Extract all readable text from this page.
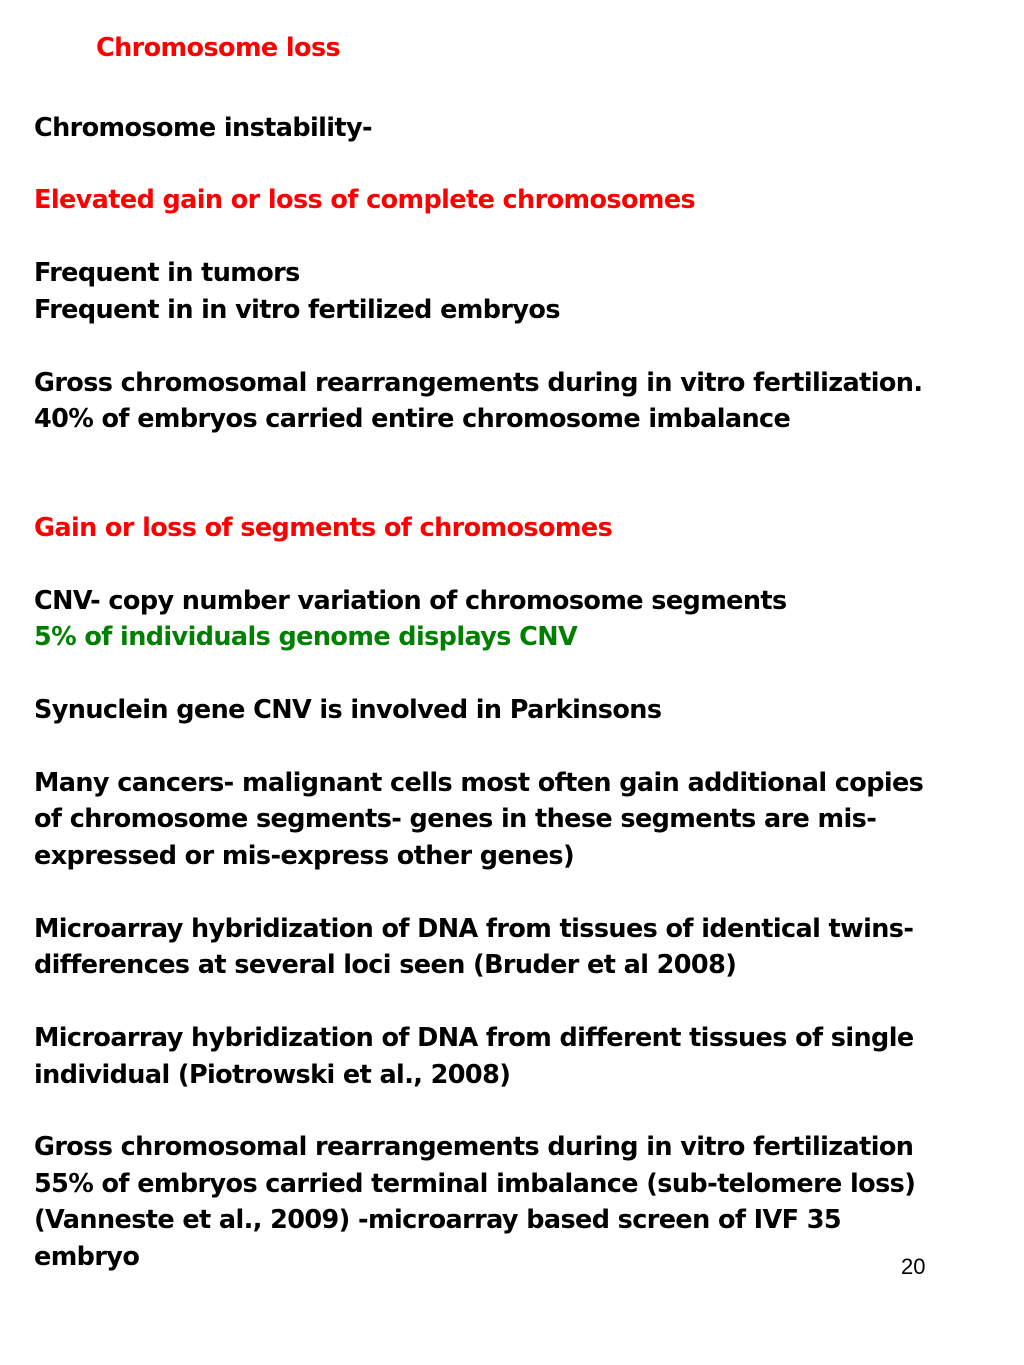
Chromosome loss

Chromosome instability-

Elevated gain or loss of complete chromosomes

Frequent in tumors

Frequent in in vitro fertilized embryos

Gross chromosomal rearrangements during in vitro fertilization.

40% of embryos carried entire chromosome imbalance

Gain or loss of segments of chromosomes

CNV- copy number variation of chromosome segments

5% of individuals genome displays CNV

Synuclein gene CNV is involved in Parkinsons

Many cancers- malignant cells most often gain additional copies

of chromosome segments- genes in these segments are mis-

expressed or mis-express other genes)

Microarray hybridization of DNA from tissues of identical twins-

differences at several loci seen (Bruder et al 2008)

Microarray hybridization of DNA from different tissues of single

individual (Piotrowski et al., 2008)

Gross chromosomal rearrangements during in vitro fertilization

55% of embryos carried terminal imbalance (sub-telomere loss)

(Vanneste et al., 2009) -microarray based screen of IVF 35

embryo	20
